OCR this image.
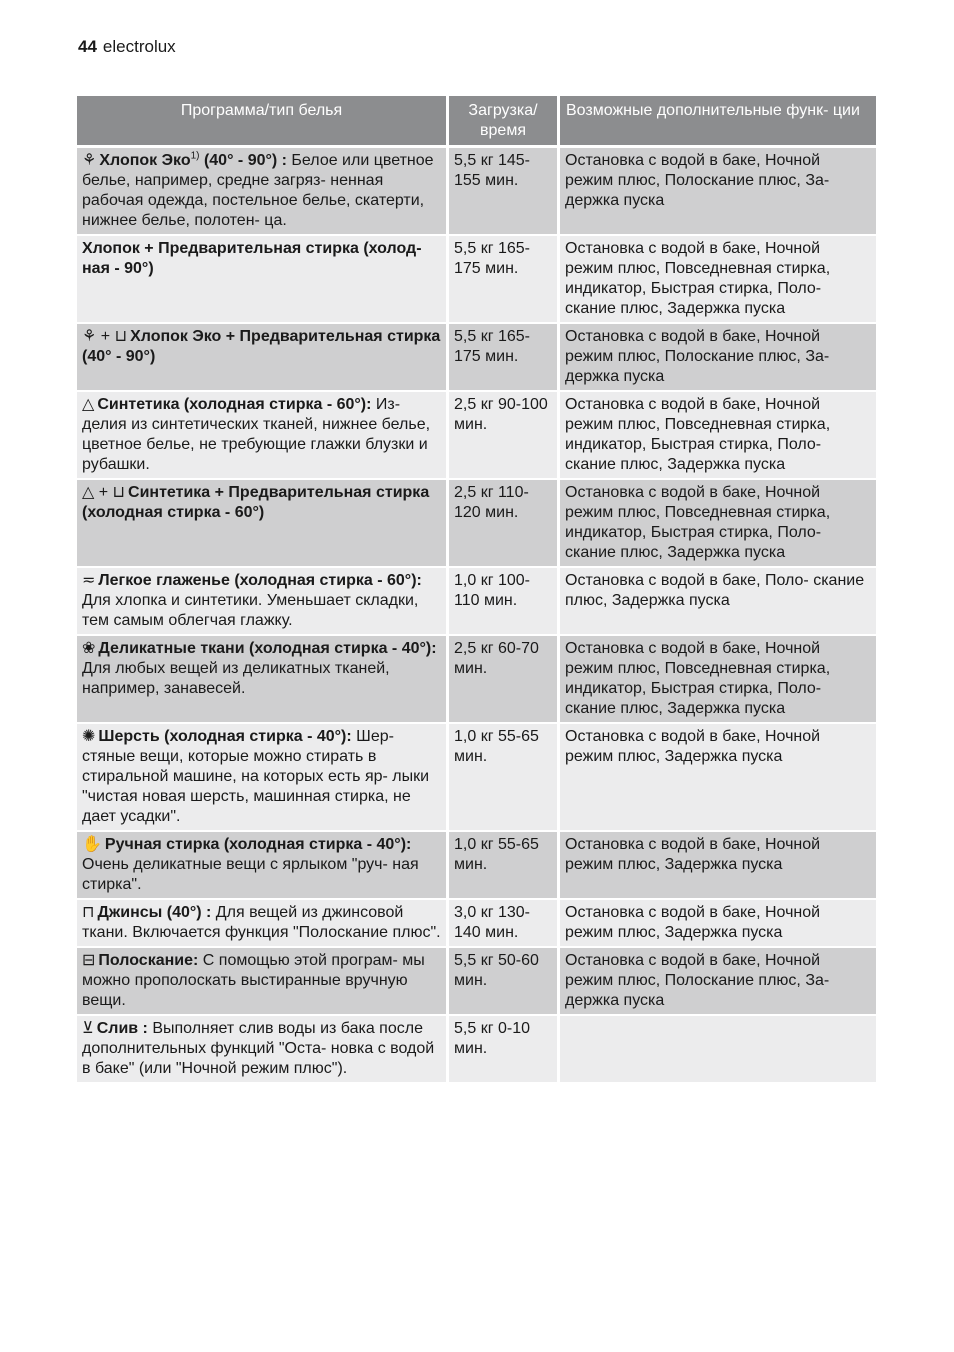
44 electrolux
Программа/тип белья	Загрузка/ время	Возможные дополнительные функ- ции
⚘ Хлопок Эко$^{1)}$ (40° - 90°) : Белое или цветное белье, например, средне загряз- ненная рабочая одежда, постельное белье, скатерти, нижнее белье, полотен- ца.	5,5 кг 145-155 мин.	Остановка с водой в баке, Ночной режим плюс, Полоскание плюс, За- держка пуска
Хлопок + Предварительная стирка (холод- ная - 90°)	5,5 кг 165-175 мин.	Остановка с водой в баке, Ночной режим плюс, Повседневная стирка, индикатор, Быстрая стирка, Поло- скание плюс, Задержка пуска
⚘ + ⊔ Хлопок Эко + Предварительная стирка (40° - 90°)	5,5 кг 165-175 мин.	Остановка с водой в баке, Ночной режим плюс, Полоскание плюс, За- держка пуска
△ Синтетика (холодная стирка - 60°): Из- делия из синтетических тканей, нижнее белье, цветное белье, не требующие глажки блузки и рубашки.	2,5 кг 90-100 мин.	Остановка с водой в баке, Ночной режим плюс, Повседневная стирка, индикатор, Быстрая стирка, Поло- скание плюс, Задержка пуска
△ + ⊔ Синтетика + Предварительная стирка (холодная стирка - 60°)	2,5 кг 110-120 мин.	Остановка с водой в баке, Ночной режим плюс, Повседневная стирка, индикатор, Быстрая стирка, Поло- скание плюс, Задержка пуска
≂ Легкое глаженье (холодная стирка - 60°): Для хлопка и синтетики. Уменьшает складки, тем самым облегчая глажку.	1,0 кг 100-110 мин.	Остановка с водой в баке, Поло- скание плюс, Задержка пуска
❀ Деликатные ткани (холодная стирка - 40°): Для любых вещей из деликатных тканей, например, занавесей.	2,5 кг 60-70 мин.	Остановка с водой в баке, Ночной режим плюс, Повседневная стирка, индикатор, Быстрая стирка, Поло- скание плюс, Задержка пуска
✺ Шерсть (холодная стирка - 40°): Шер- стяные вещи, которые можно стирать в стиральной машине, на которых есть яр- лыки "чистая новая шерсть, машинная стирка, не дает усадки".	1,0 кг 55-65 мин.	Остановка с водой в баке, Ночной режим плюс, Задержка пуска
✋ Ручная стирка (холодная стирка - 40°): Очень деликатные вещи с ярлыком "руч- ная стирка".	1,0 кг 55-65 мин.	Остановка с водой в баке, Ночной режим плюс, Задержка пуска
⊓ Джинсы (40°) : Для вещей из джинсовой ткани. Включается функция "Полоскание плюс".	3,0 кг 130-140 мин.	Остановка с водой в баке, Ночной режим плюс, Задержка пуска
⊟ Полоскание: С помощью этой програм- мы можно прополоскать выстиранные вручную вещи.	5,5 кг 50-60 мин.	Остановка с водой в баке, Ночной режим плюс, Полоскание плюс, За- держка пуска
⊻ Слив : Выполняет слив воды из бака после дополнительных функций "Оста- новка с водой в баке" (или "Ночной режим плюс").	5,5 кг 0-10 мин.	
